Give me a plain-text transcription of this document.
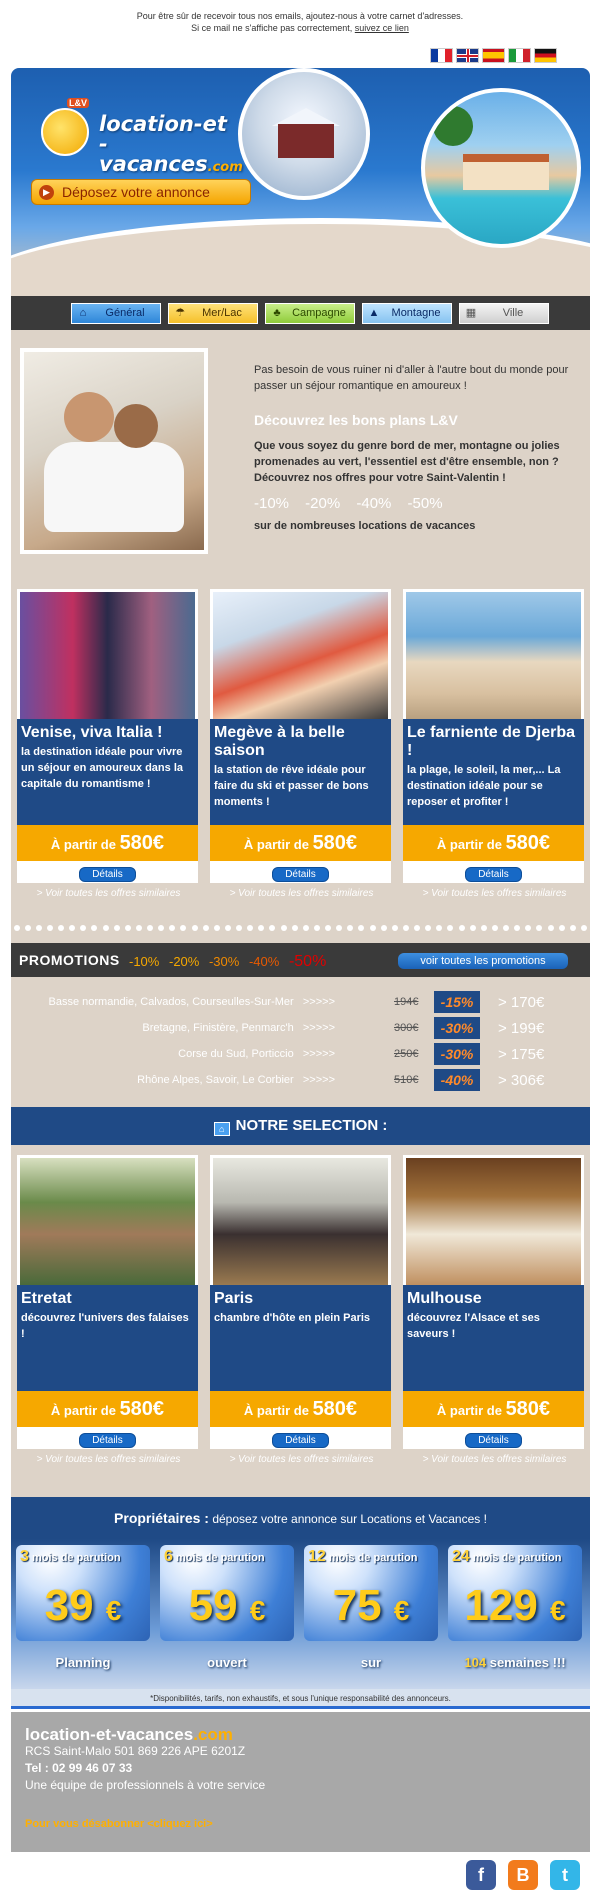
Pour être sûr de recevoir tous nos emails, ajoutez-nous à votre carnet d'adresses.
Si ce mail ne s'affiche pas correctement, suivez ce lien
L&V
location-et
-vacances.com
▶ Déposez votre annonce
⌂	Général	☂ Mer/Lac	♣	Campagne	▲ Montagne	▦ Ville
Pas besoin de vous ruiner ni d'aller à l'autre bout du monde pour passer un séjour romantique en amoureux !
Découvrez les bons plans L&V
Que vous soyez du genre bord de mer, montagne ou jolies promenades au vert, l'essentiel est d'être ensemble, non ? Découvrez nos offres pour votre Saint-Valentin !
-10% -20% -40% -50%
sur de nombreuses locations de vacances
Venise, viva Italia !
la destination idéale pour vivre un séjour en amoureux dans la capitale du romantisme !
À partir de 580€
Détails
> Voir toutes les offres similaires
Megève à la belle saison
la station de rêve idéale pour faire du ski et passer de bons moments !
À partir de 580€
Détails
> Voir toutes les offres similaires
Le farniente de Djerba !
la plage, le soleil, la mer,... La destination idéale pour se reposer et profiter !
À partir de 580€
Détails
> Voir toutes les offres similaires
PROMOTIONS -10% -20% -30% -40% -50%	voir toutes les promotions
Basse normandie, Calvados, Courseulles-Sur-Mer >>>>>	194€	-15%	> 170€
Bretagne, Finistère, Penmarc'h >>>>>	300€	-30%	> 199€
Corse du Sud, Porticcio >>>>>	250€	-30%	> 175€
Rhône Alpes, Savoir, Le Corbier >>>>>	510€	-40%	> 306€
⌂ NOTRE SELECTION :
Etretat
découvrez l'univers des falaises !
À partir de 580€
Détails
> Voir toutes les offres similaires
Paris
chambre d'hôte en plein Paris
À partir de 580€
Détails
> Voir toutes les offres similaires
Mulhouse
découvrez l'Alsace et ses saveurs !
À partir de 580€
Détails
> Voir toutes les offres similaires
Propriétaires : déposez votre annonce sur Locations et Vacances !
3 mois de parution
39 €
6 mois de parution
59 €
12 mois de parution
75 €
24 mois de parution
129 €
Planning	ouvert	sur	104 semaines !!!
*Disponibilités, tarifs, non exhaustifs, et sous l'unique responsabilité des annonceurs.
location-et-vacances.com
RCS Saint-Malo 501 869 226 APE 6201Z
Tel : 02 99 46 07 33
Une équipe de professionnels à votre service
Pour vous désabonner <cliquez ici>
f	B	t
